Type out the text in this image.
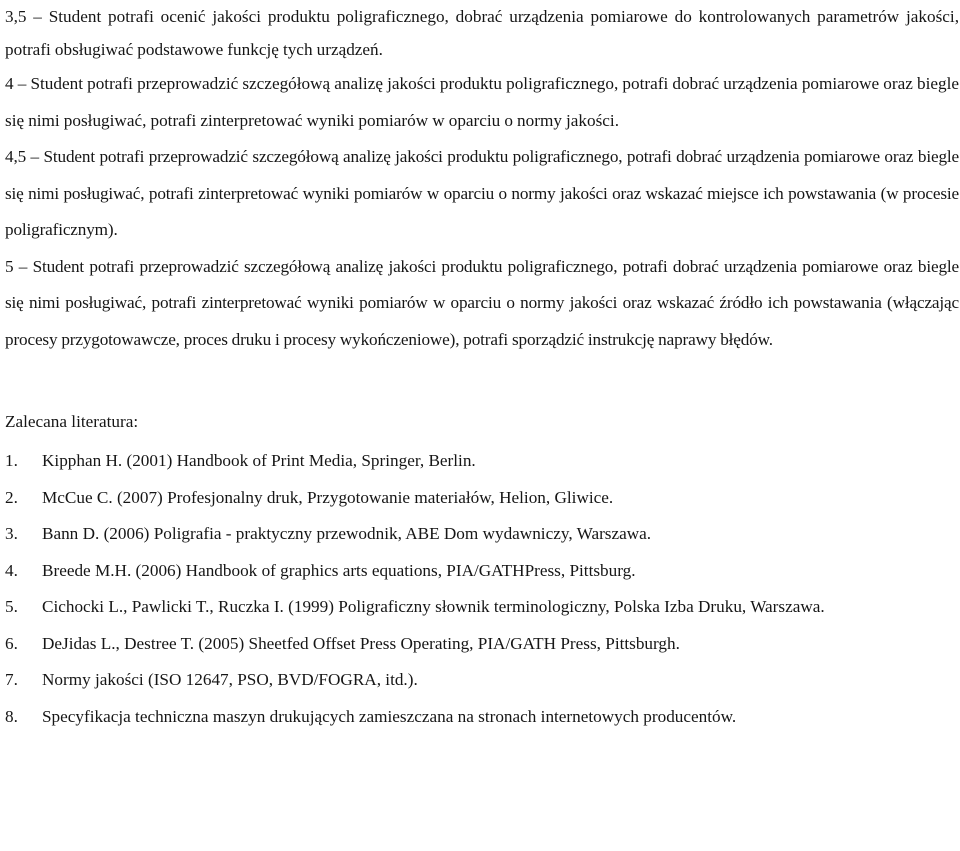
3,5 – Student potrafi ocenić jakości produktu poligraficznego, dobrać urządzenia pomiarowe do kontrolowanych parametrów jakości, potrafi obsługiwać podstawowe funkcję tych urządzeń.

4 – Student potrafi przeprowadzić szczegółową analizę jakości produktu poligraficznego, potrafi dobrać urządzenia pomiarowe oraz biegle się nimi posługiwać, potrafi zinterpretować wyniki pomiarów w oparciu o normy jakości.

4,5 – Student potrafi przeprowadzić szczegółową analizę jakości produktu poligraficznego, potrafi dobrać urządzenia pomiarowe oraz biegle się nimi posługiwać, potrafi zinterpretować wyniki pomiarów w oparciu o normy jakości oraz wskazać miejsce ich powstawania (w procesie poligraficznym).

5 – Student potrafi przeprowadzić szczegółową analizę jakości produktu poligraficznego, potrafi dobrać urządzenia pomiarowe oraz biegle się nimi posługiwać, potrafi zinterpretować wyniki pomiarów w oparciu o normy jakości oraz wskazać źródło ich powstawania (włączając procesy przygotowawcze, proces druku i procesy wykończeniowe), potrafi sporządzić instrukcję naprawy błędów.

Zalecana literatura:

1.	Kipphan H. (2001) Handbook of Print Media, Springer, Berlin.
2.	McCue C. (2007) Profesjonalny druk, Przygotowanie materiałów, Helion, Gliwice.
3.	Bann D. (2006) Poligrafia - praktyczny przewodnik, ABE Dom wydawniczy, Warszawa.
4.	Breede M.H. (2006) Handbook of graphics arts equations, PIA/GATHPress, Pittsburg.
5.	Cichocki L., Pawlicki T., Ruczka I. (1999) Poligraficzny słownik terminologiczny, Polska Izba Druku, Warszawa.
6.	DeJidas L., Destree T. (2005) Sheetfed Offset Press Operating, PIA/GATH Press, Pittsburgh.
7.	Normy jakości (ISO 12647, PSO, BVD/FOGRA, itd.).
8.	Specyfikacja techniczna maszyn drukujących zamieszczana na stronach internetowych producentów.
